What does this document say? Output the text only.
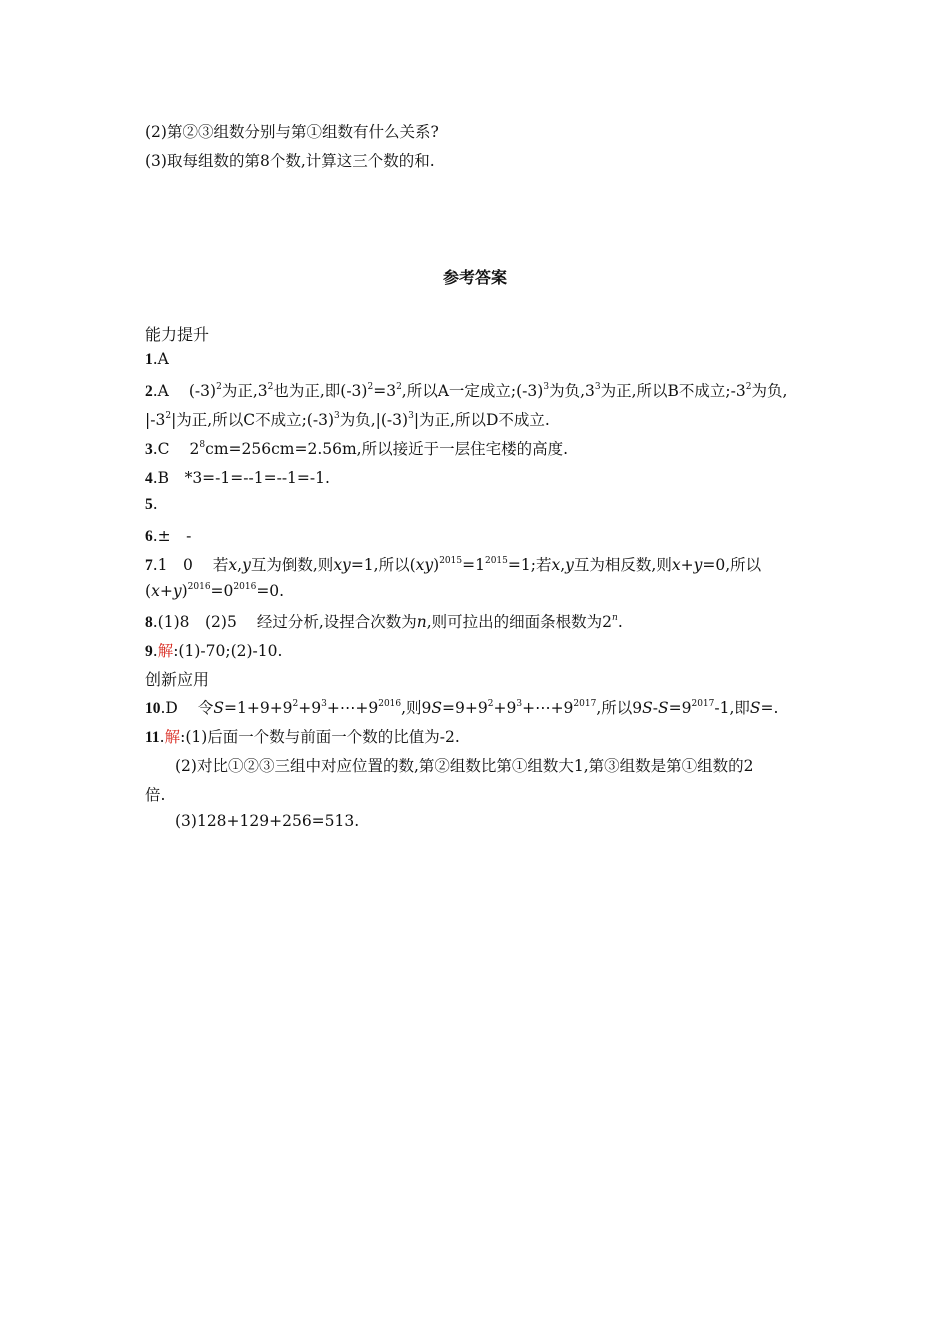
(2)第②③组数分别与第①组数有什么关系?
(3)取每组数的第8个数,计算这三个数的和.
参考答案
能力提升
1.A
2.A $(-3)^2$为正$,3^2$也为正,即$(-3)^2=3^2$,所以A一定成立$;(-3)^3$为负$,3^3$为正,所以B不成立$;-3^2$为负,
$|-3^2|$为正,所以C不成立$;(-3)^3$为负$,|(-3)^3|$为正,所以D不成立.
3.C $2^8cm=256cm=2.56m$,所以接近于一层住宅楼的高度.
4.B　*3=-1=--1=--1=-1.
5.
6.±　-
7.1　0 若x,y互为倒数,则xy=1,所以$(xy)^{2015}=1^{2015}=1$;若x,y互为相反数,则x+y=0,所以
$(x+y)^{2016}=0^{2016}=0$.
8.(1)8　(2)5 经过分析,设捏合次数为n,则可拉出的细面条根数为2$^n$.
9.解:(1)-70;(2)-10.
创新应用
10.D 令$S=1+9+9^2+9^3+\cdots+9^{2016}$,则$9S=9+9^2+9^3+\cdots+9^{2017}$,所以$9S-S=9^{2017}-1$,即S=.
11.解:(1)后面一个数与前面一个数的比值为-2.
(2)对比①②③三组中对应位置的数,第②组数比第①组数大1,第③组数是第①组数的2
倍.
(3)128+129+256=513.
